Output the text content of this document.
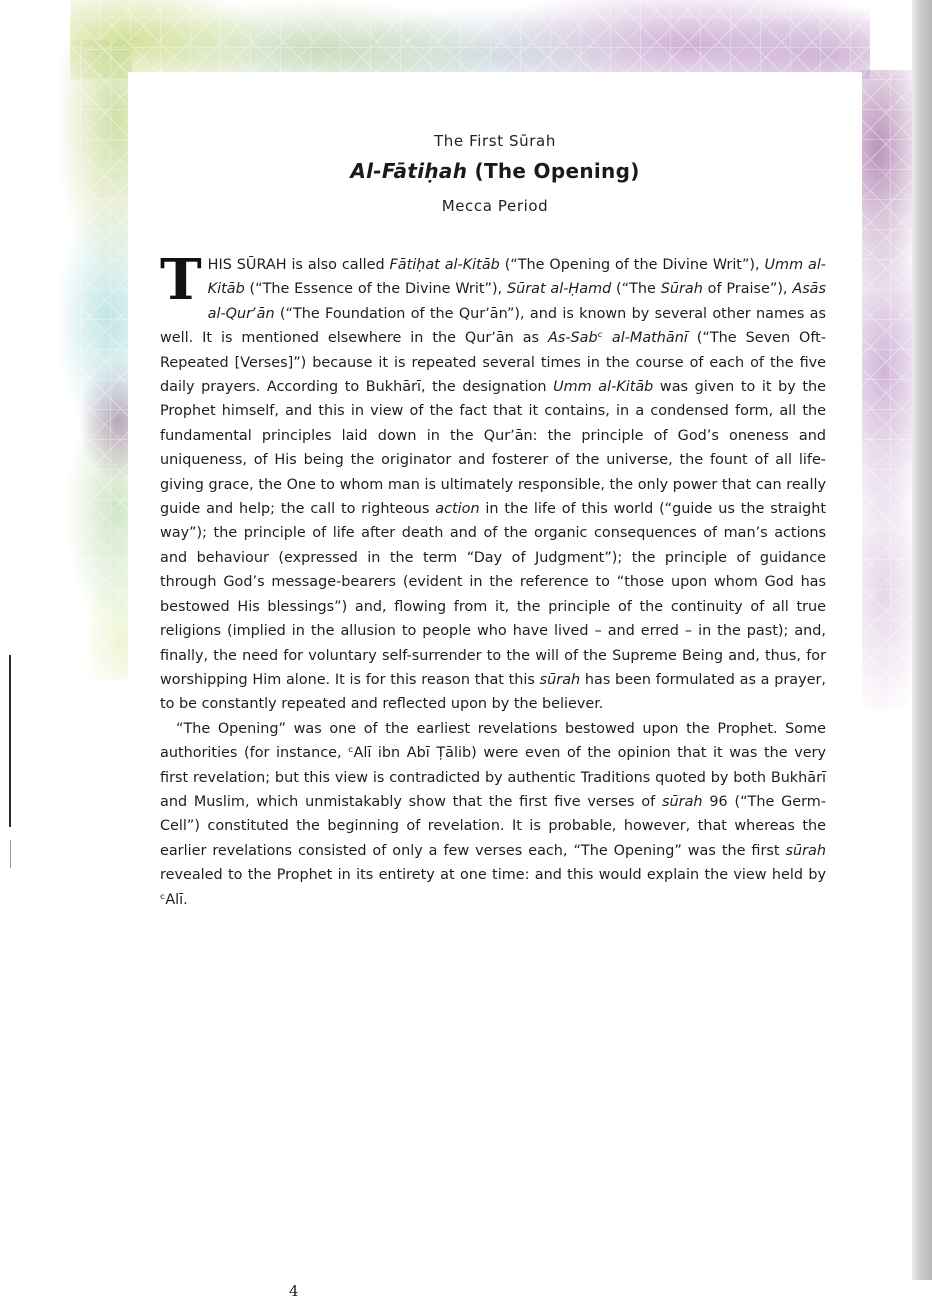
The First Sūrah
Al-Fātiḥah (The Opening)
Mecca Period

THIS SŪRAH is also called Fātiḥat al-Kitāb (“The Opening of the Divine Writ”), Umm al-Kitāb (“The Essence of the Divine Writ”), Sūrat al-Ḥamd (“The Sūrah of Praise”), Asās al-Qurʼān (“The Foundation of the Qurʼān”), and is known by several other names as well. It is mentioned elsewhere in the Qurʼān as As-Sabᶜ al-Mathānī (“The Seven Oft-Repeated [Verses]”) because it is repeated several times in the course of each of the five daily prayers. According to Bukhārī, the designation Umm al-Kitāb was given to it by the Prophet himself, and this in view of the fact that it contains, in a condensed form, all the fundamental principles laid down in the Qurʼān: the principle of God’s oneness and uniqueness, of His being the originator and fosterer of the universe, the fount of all life-giving grace, the One to whom man is ultimately responsible, the only power that can really guide and help; the call to righteous action in the life of this world (“guide us the straight way”); the principle of life after death and of the organic consequences of man’s actions and behaviour (expressed in the term “Day of Judgment”); the principle of guidance through God’s message-bearers (evident in the reference to “those upon whom God has bestowed His blessings”) and, flowing from it, the principle of the continuity of all true religions (implied in the allusion to people who have lived – and erred – in the past); and, finally, the need for voluntary self-surrender to the will of the Supreme Being and, thus, for worshipping Him alone. It is for this reason that this sūrah has been formulated as a prayer, to be constantly repeated and reflected upon by the believer.

“The Opening” was one of the earliest revelations bestowed upon the Prophet. Some authorities (for instance, ᶜAlī ibn Abī Ṭālib) were even of the opinion that it was the very first revelation; but this view is contradicted by authentic Traditions quoted by both Bukhārī and Muslim, which unmistakably show that the first five verses of sūrah 96 (“The Germ-Cell”) constituted the beginning of revelation. It is probable, however, that whereas the earlier revelations consisted of only a few verses each, “The Opening” was the first sūrah revealed to the Prophet in its entirety at one time: and this would explain the view held by ᶜAlī.

4
